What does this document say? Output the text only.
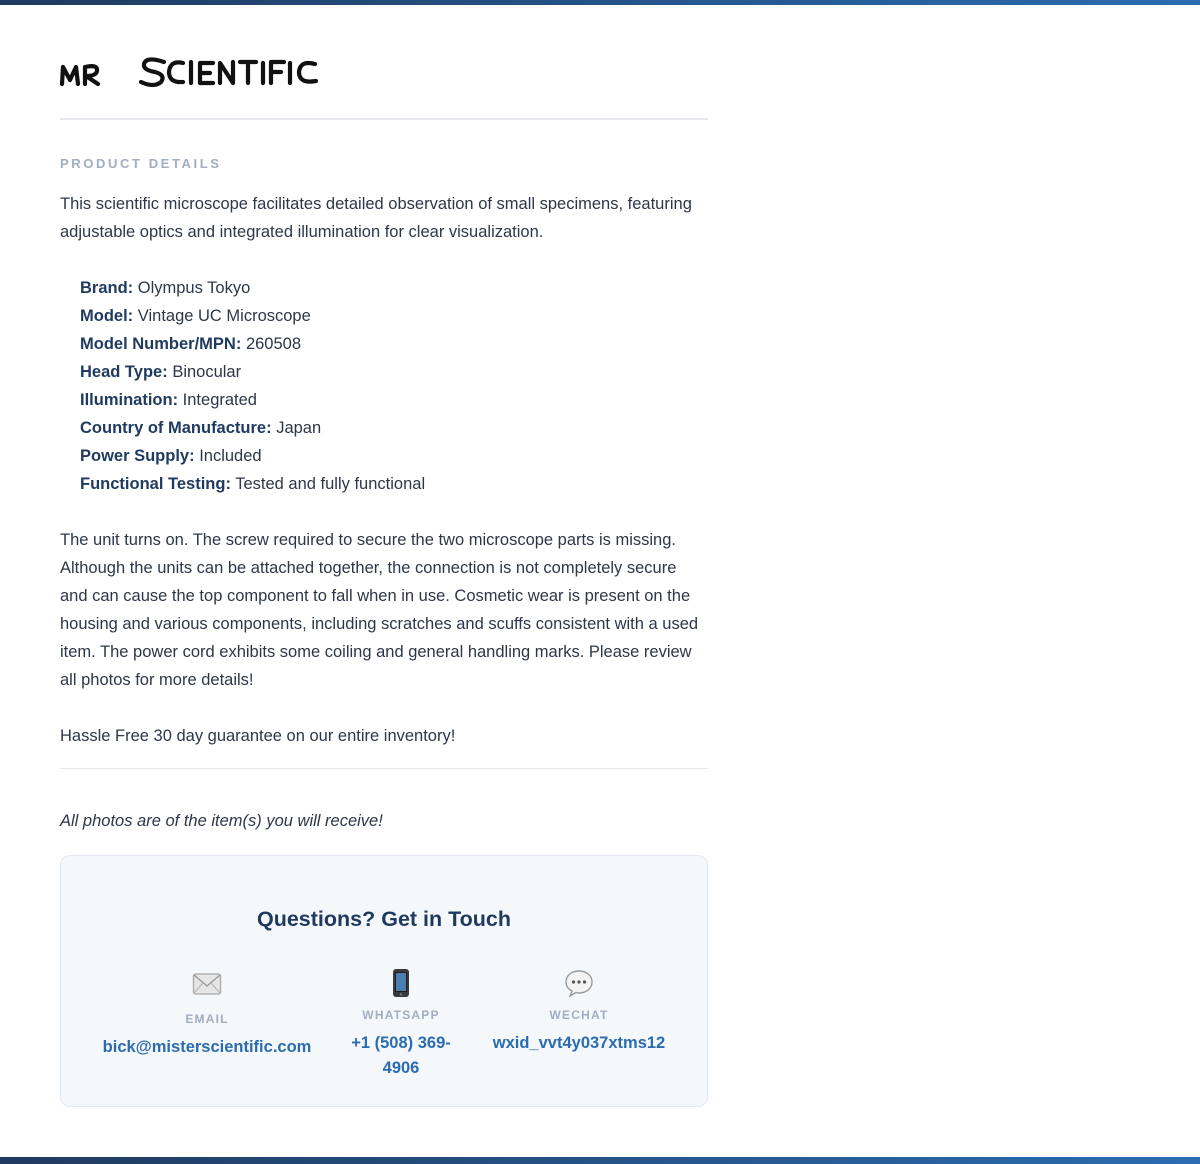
PRODUCT DETAILS

This scientific microscope facilitates detailed observation of small specimens, featuring adjustable optics and integrated illumination for clear visualization.

Brand: Olympus Tokyo
Model: Vintage UC Microscope
Model Number/MPN: 260508
Head Type: Binocular
Illumination: Integrated
Country of Manufacture: Japan
Power Supply: Included
Functional Testing: Tested and fully functional

The unit turns on. The screw required to secure the two microscope parts is missing. Although the units can be attached together, the connection is not completely secure and can cause the top component to fall when in use. Cosmetic wear is present on the housing and various components, including scratches and scuffs consistent with a used item. The power cord exhibits some coiling and general handling marks. Please review all photos for more details!

Hassle Free 30 day guarantee on our entire inventory!

All photos are of the item(s) you will receive!

Questions? Get in Touch
EMAIL
bick@misterscientific.com
WHATSAPP
+1 (508) 369-4906
WECHAT
wxid_vvt4y037xtms12
